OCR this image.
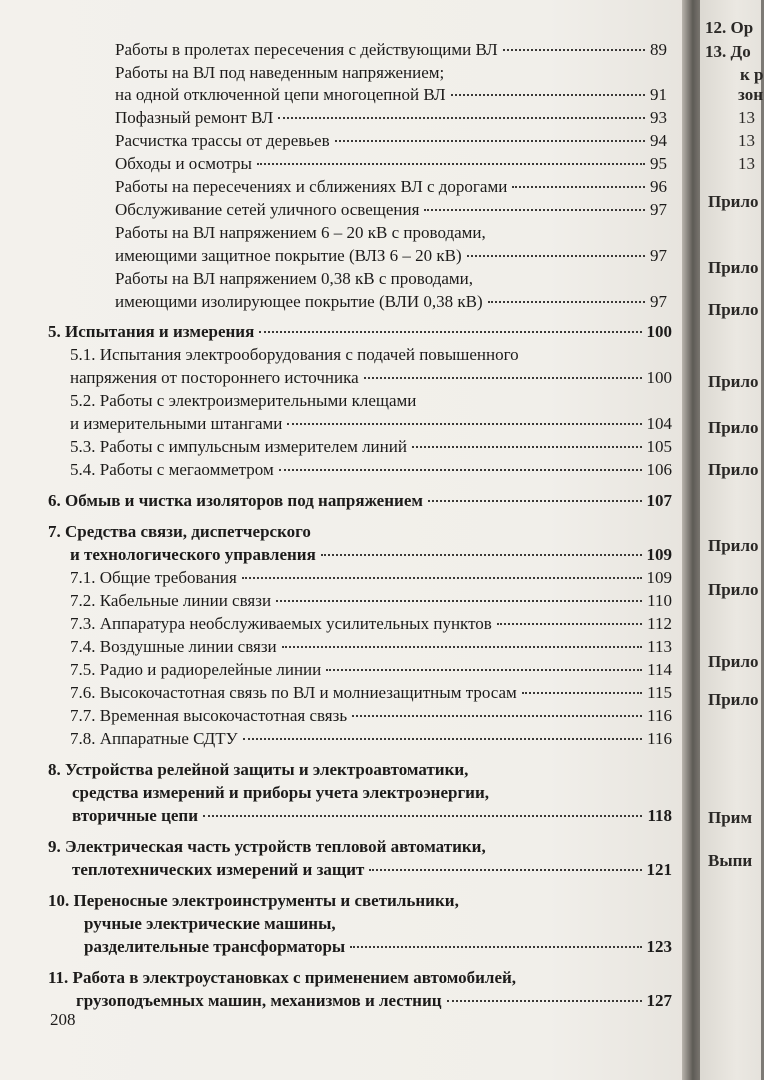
Работы в пролетах пересечения с действующими ВЛ	89
Работы на ВЛ под наведенным напряжением;
на одной отключенной цепи многоцепной ВЛ	91
Пофазный ремонт ВЛ	93
Расчистка трассы от деревьев	94
Обходы и осмотры	95
Работы на пересечениях и сближениях ВЛ с дорогами	96
Обслуживание сетей уличного освещения	97
Работы на ВЛ напряжением 6 – 20 кВ с проводами,
имеющими защитное покрытие (ВЛЗ 6 – 20 кВ)	97
Работы на ВЛ напряжением 0,38 кВ с проводами,
имеющими изолирующее покрытие (ВЛИ 0,38 кВ)	97
5. Испытания и измерения	100
5.1. Испытания электрооборудования с подачей повышенного
напряжения от постороннего источника	100
5.2. Работы с электроизмерительными клещами
и измерительными штангами	104
5.3. Работы с импульсным измерителем линий	105
5.4. Работы с мегаомметром	106
6. Обмыв и чистка изоляторов под напряжением	107
7. Средства связи, диспетчерского
и технологического управления	109
7.1. Общие требования	109
7.2. Кабельные линии связи	110
7.3. Аппаратура необслуживаемых усилительных пунктов	112
7.4. Воздушные линии связи	113
7.5. Радио и радиорелейные линии	114
7.6. Высокочастотная связь по ВЛ и молниезащитным тросам	115
7.7. Временная высокочастотная связь	116
7.8. Аппаратные СДТУ	116
8. Устройства релейной защиты и электроавтоматики,
средства измерений и приборы учета электроэнергии,
вторичные цепи	118
9. Электрическая часть устройств тепловой автоматики,
теплотехнических измерений и защит	121
10. Переносные электроинструменты и светильники,
ручные электрические машины,
разделительные трансформаторы	123
11. Работа в электроустановках с применением автомобилей,
грузоподъемных машин, механизмов и лестниц	127
208
12. Ор
13. До
к р
зон
13
13
13
Прило
Прило
Прило
Прило
Прило
Прило
Прило
Прило
Прило
Прило
Прим
Выпи
